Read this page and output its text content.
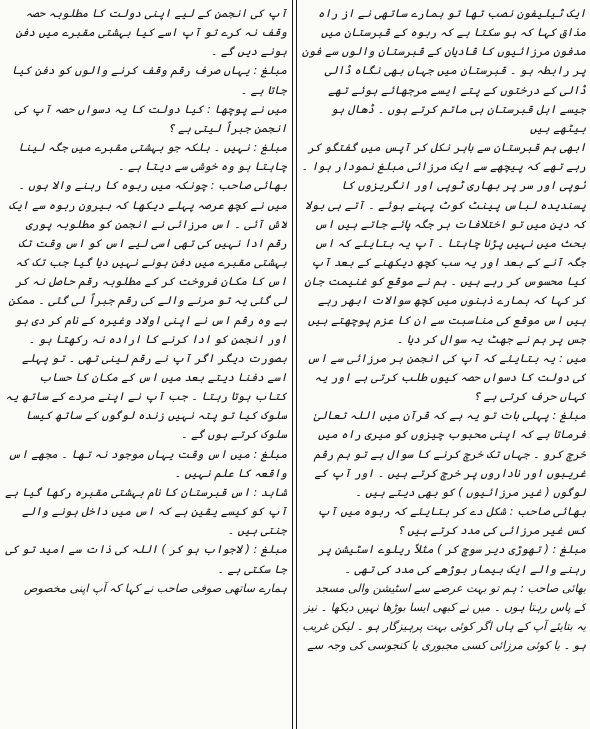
ایک ٹیلیفون نصب تھا تو ہمارے ساتھی نے از راہ مذاق کہا کہ ہو سکتا ہے کہ ربوہ کے قبرستان میں مدفون مرزائیوں کا قادیان کے قبرستان والوں سے فون پر رابطہ ہو ۔ قبرستان میں جہاں بھی نگاہ ڈالی ڈالی کے درختوں کے پتے ایسے مرجھائے ہوئے تھے جیسے اہل قبرستان ہی ماتم کرتے ہوں ۔ ڈھال ہو بیٹھے ہیں

ابھی ہم قبرستان سے باہر نکل کر آپس میں گفتگو کر رہے تھے کہ پیچھے سے ایک مرزائی مبلغ نمودار ہوا ۔ ٹوپی اور سر پر بھاری ٹوپی اور انگریزوں کا پسندیدہ لباس پینٹ کوٹ پہنے ہوئے ۔ آتے ہی بولا کہ دین میں تو اختلافات ہر جگہ پائے جاتے ہیں اس بحث میں نہیں پڑنا چاہتا ۔ آپ یہ بتایئے کہ اس جگہ آنے کے بعد اور یہ سب کچھ دیکھنے کے بعد آپ کیا محسوس کر رہے ہیں ۔ ہم نے موقع کو غنیمت جان کر کہا کہ ہمارے ذہنوں میں کچھ سوالات ابھر رہے ہیں اس موقع کی مناسبت سے ان کا عزم پوچھتے ہیں جس پر ہم نے جھٹ یہ سوال کر دیا ۔

میں : یہ بتایئے کہ آپ کی انجمن ہر مرزائی سے اس کی دولت کا دسواں حصہ کیوں طلب کرتی ہے اور یہ کہاں حرف کرتی ہے ؟

مبلغ : پہلی بات تو یہ ہے کہ قرآن میں اللہ تعالیٰ فرماتا ہے کہ اپنی محبوب چیزوں کو میری راہ میں خرچ کرو ۔ جہاں تک خرچ کرنے کا سوال ہے تو ہم رقم غریبوں اور ناداروں پر خرچ کرتے ہیں ۔ اور آپ کے لوگوں ( غیر مرزائیوں ) کو بھی دیتے ہیں ۔

بھائی صاحب : شکل دے کر بتایئے کہ ربوہ میں آپ کس غیر مرزائی کی مدد کرتے ہیں ؟

مبلغ : ( تھوڑی دیر سوچ کر ) مثلاً ریلوے اسٹیشن پر رہنے والے ایک بیمار بوڑھے کی مدد کی تھی ۔

بھائی صاحب : ہم تو بہت عرصے سے اسٹیشن والی مسجد کے پاس رہتا ہوں ۔ میں نے کبھی ایسا بوڑھا نہیں دیکھا ۔ نیز یہ بتایئے آپ کے ہاں اگر کوئی بہت پرہیزگار ہو ۔ لیکن غریب ہو ۔ یا کوئی مرزائی کسی مجبوری یا کنجوسی کی وجہ سے

آپ کی انجمن کے لیے اپنی دولت کا مطلوبہ حصہ وقف نہ کرے تو آپ اسے کیا بہشتی مقبرے میں دفن ہونے دیں گے ۔

مبلغ : یہاں صرف رقم وقف کرنے والوں کو دفن کیا جاتا ہے ۔

میں نے پوچھا : کیا دولت کا یہ دسواں حصہ آپ کی انجمن جبراً لیتی ہے ؟

مبلغ : نہیں ۔ بلکہ جو بہشتی مقبرے میں جگہ لینا چاہتا ہو وہ خوشی سے دیتا ہے ۔

بھائی صاحب : چونکہ میں ربوہ کا رہنے والا ہوں ۔ میں نے کچھ عرصہ پہلے دیکھا کہ بیرون ربوہ سے ایک لاش آئی ۔ اس مرزائی نے انجمن کو مطلوبہ پوری رقم ادا نہیں کی تھی اسی لیے اس کو اس وقت تک بہشتی مقبرے میں دفن ہونے نہیں دیا گیا جب تک کہ اس کا مکان فروخت کر کے مطلوبہ رقم حاصل نہ کر لی گئی یہ تو مرنے والے کی رقم جبراً لی گئی ۔ ممکن ہے وہ رقم اس نے اپنی اولاد وغیرہ کے نام کر دی ہو اور انجمن کو ادا کرنے کا ارادہ نہ رکھتا ہو ۔ بصورت دیگر اگر آپ نے رقم لینی تھی ۔ تو پہلے اسے دفنا دیتے بعد میں اس کے مکان کا حساب کتاب ہوتا رہتا ۔ جب آپ نے اپنے مردے کے ساتھ یہ سلوک کیا تو پتہ نہیں زندہ لوگوں کے ساتھ کیسا سلوک کرتے ہوں گے ۔

مبلغ : میں اس وقت یہاں موجود نہ تھا ۔ مجھے اس واقعہ کا علم نہیں ۔

شاہد : اس قبرستان کا نام بہشتی مقبرہ رکھا گیا ہے آپ کو کیسے یقین ہے کہ اس میں داخل ہونے والے جنتی ہیں ۔

مبلغ : ( لاجواب ہو کر ) اللہ کی ذات سے امید تو کی جا سکتی ہے ۔

ہمارے ساتھی صوفی صاحب نے کہا کہ آپ اپنی مخصوص
